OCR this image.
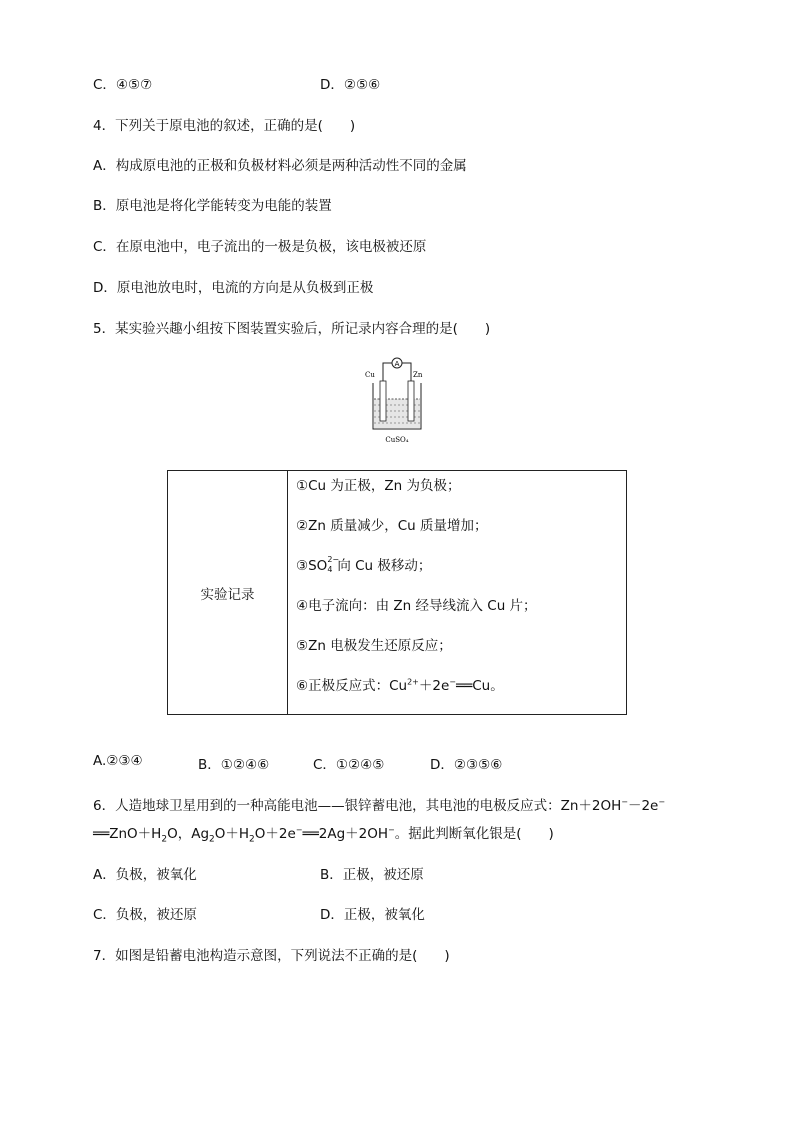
C．④⑤⑦	D．②⑤⑥
4．下列关于原电池的叙述，正确的是(　　)
A．构成原电池的正极和负极材料必须是两种活动性不同的金属
B．原电池是将化学能转变为电能的装置
C．在原电池中，电子流出的一极是负极，该电极被还原
D．原电池放电时，电流的方向是从负极到正极
5．某实验兴趣小组按下图装置实验后，所记录内容合理的是(　　)
A
Cu	Zn
CuSO₄
实验记录	
①Cu 为正极，Zn 为负极；
②Zn 质量减少，Cu 质量增加；
③SO 2−
4 向 Cu 极移动；
④电子流向：由 Zn 经导线流入 Cu 片；
⑤Zn 电极发生还原反应；
⑥正极反应式：$Cu^{2+}+2e^-══Cu$。
A.②③④	B．①②④⑥	C．①②④⑤	D．②③⑤⑥
6．人造地球卫星用到的一种高能电池——银锌蓄电池，其电池的电极反应式：Zn＋2OH−－2e−
$══ZnO+H_2O$，$Ag_2O+H_2O+2e^-══2Ag+2OH^-$。据此判断氧化银是(　　)
A．负极，被氧化	B．正极，被还原
C．负极，被还原	D．正极，被氧化
7．如图是铅蓄电池构造示意图，下列说法不正确的是(　　)
